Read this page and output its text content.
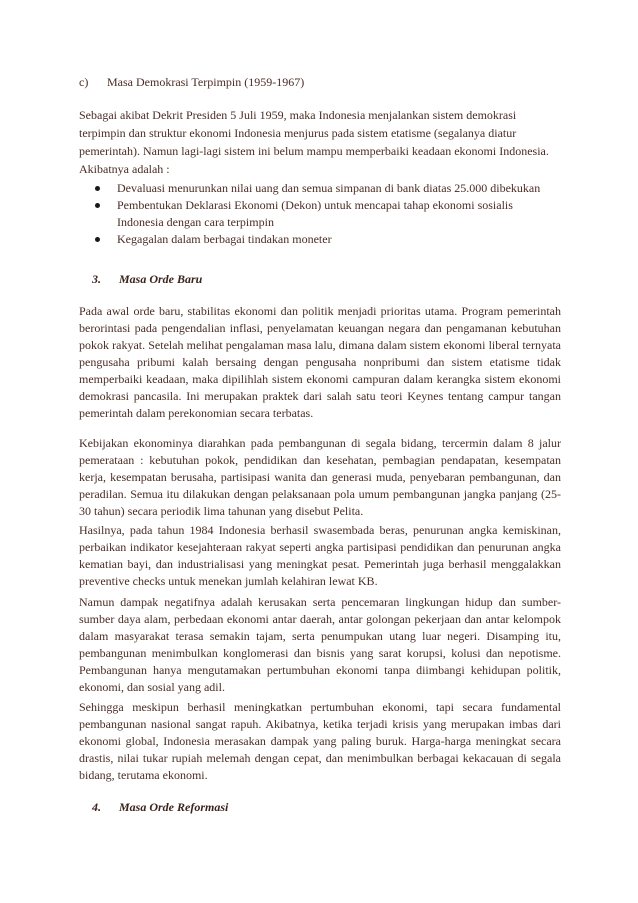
c) Masa Demokrasi Terpimpin (1959-1967)

Sebagai akibat Dekrit Presiden 5 Juli 1959, maka Indonesia menjalankan sistem demokrasi terpimpin dan struktur ekonomi Indonesia menjurus pada sistem etatisme (segalanya diatur pemerintah). Namun lagi-lagi sistem ini belum mampu memperbaiki keadaan ekonomi Indonesia. Akibatnya adalah :

Devaluasi menurunkan nilai uang dan semua simpanan di bank diatas 25.000 dibekukan
Pembentukan Deklarasi Ekonomi (Dekon) untuk mencapai tahap ekonomi sosialis Indonesia dengan cara terpimpin
Kegagalan dalam berbagai tindakan moneter
3. Masa Orde Baru

Pada awal orde baru, stabilitas ekonomi dan politik menjadi prioritas utama. Program pemerintah berorintasi pada pengendalian inflasi, penyelamatan keuangan negara dan pengamanan kebutuhan pokok rakyat. Setelah melihat pengalaman masa lalu, dimana dalam sistem ekonomi liberal ternyata pengusaha pribumi kalah bersaing dengan pengusaha nonpribumi dan sistem etatisme tidak memperbaiki keadaan, maka dipilihlah sistem ekonomi campuran dalam kerangka sistem ekonomi demokrasi pancasila. Ini merupakan praktek dari salah satu teori Keynes tentang campur tangan pemerintah dalam perekonomian secara terbatas.

Kebijakan ekonominya diarahkan pada pembangunan di segala bidang, tercermin dalam 8 jalur pemerataan : kebutuhan pokok, pendidikan dan kesehatan, pembagian pendapatan, kesempatan kerja, kesempatan berusaha, partisipasi wanita dan generasi muda, penyebaran pembangunan, dan peradilan. Semua itu dilakukan dengan pelaksanaan pola umum pembangunan jangka panjang (25-30 tahun) secara periodik lima tahunan yang disebut Pelita.

Hasilnya, pada tahun 1984 Indonesia berhasil swasembada beras, penurunan angka kemiskinan, perbaikan indikator kesejahteraan rakyat seperti angka partisipasi pendidikan dan penurunan angka kematian bayi, dan industrialisasi yang meningkat pesat. Pemerintah juga berhasil menggalakkan preventive checks untuk menekan jumlah kelahiran lewat KB.

Namun dampak negatifnya adalah kerusakan serta pencemaran lingkungan hidup dan sumber-sumber daya alam, perbedaan ekonomi antar daerah, antar golongan pekerjaan dan antar kelompok dalam masyarakat terasa semakin tajam, serta penumpukan utang luar negeri. Disamping itu, pembangunan menimbulkan konglomerasi dan bisnis yang sarat korupsi, kolusi dan nepotisme. Pembangunan hanya mengutamakan pertumbuhan ekonomi tanpa diimbangi kehidupan politik, ekonomi, dan sosial yang adil.

Sehingga meskipun berhasil meningkatkan pertumbuhan ekonomi, tapi secara fundamental pembangunan nasional sangat rapuh. Akibatnya, ketika terjadi krisis yang merupakan imbas dari ekonomi global, Indonesia merasakan dampak yang paling buruk. Harga-harga meningkat secara drastis, nilai tukar rupiah melemah dengan cepat, dan menimbulkan berbagai kekacauan di segala bidang, terutama ekonomi.

4. Masa Orde Reformasi
